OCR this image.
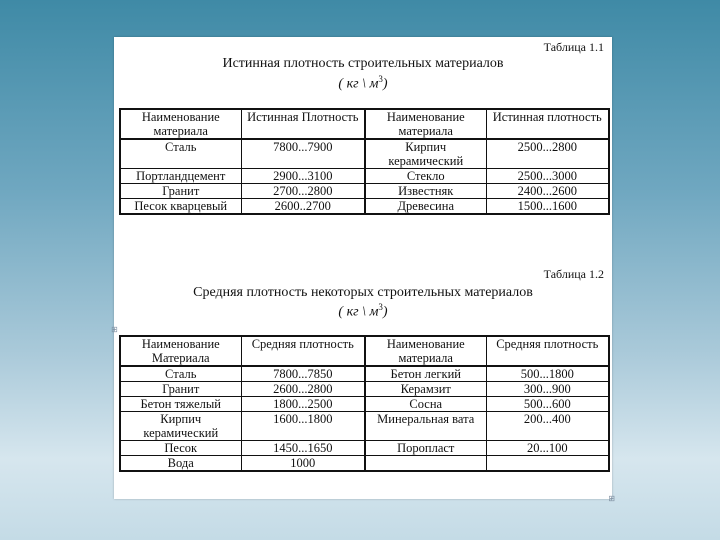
⊞
Таблица 1.1
Истинная плотность строительных материалов
( кг \ $м^3$)
Наименование материала	Истинная Плотность	Наименование материала	Истинная плотность
Сталь	7800...7900	Кирпич керамический	2500...2800
Портландцемент	2900...3100	Стекло	2500...3000
Гранит	2700...2800	Известняк	2400...2600
Песок кварцевый	2600..2700	Древесина	1500...1600
Таблица 1.2
Средняя плотность некоторых строительных материалов
( кг \ $м^3$)
Наименование Материала	Средняя плотность	Наименование материала	Средняя плотность
Сталь	7800...7850	Бетон легкий	500...1800
Гранит	2600...2800	Керамзит	300...900
Бетон тяжелый	1800...2500	Сосна	500...600
Кирпич керамический	1600...1800	Минеральная вата	200...400
Песок	1450...1650	Поропласт	20...100
Вода	1000		
⊞
